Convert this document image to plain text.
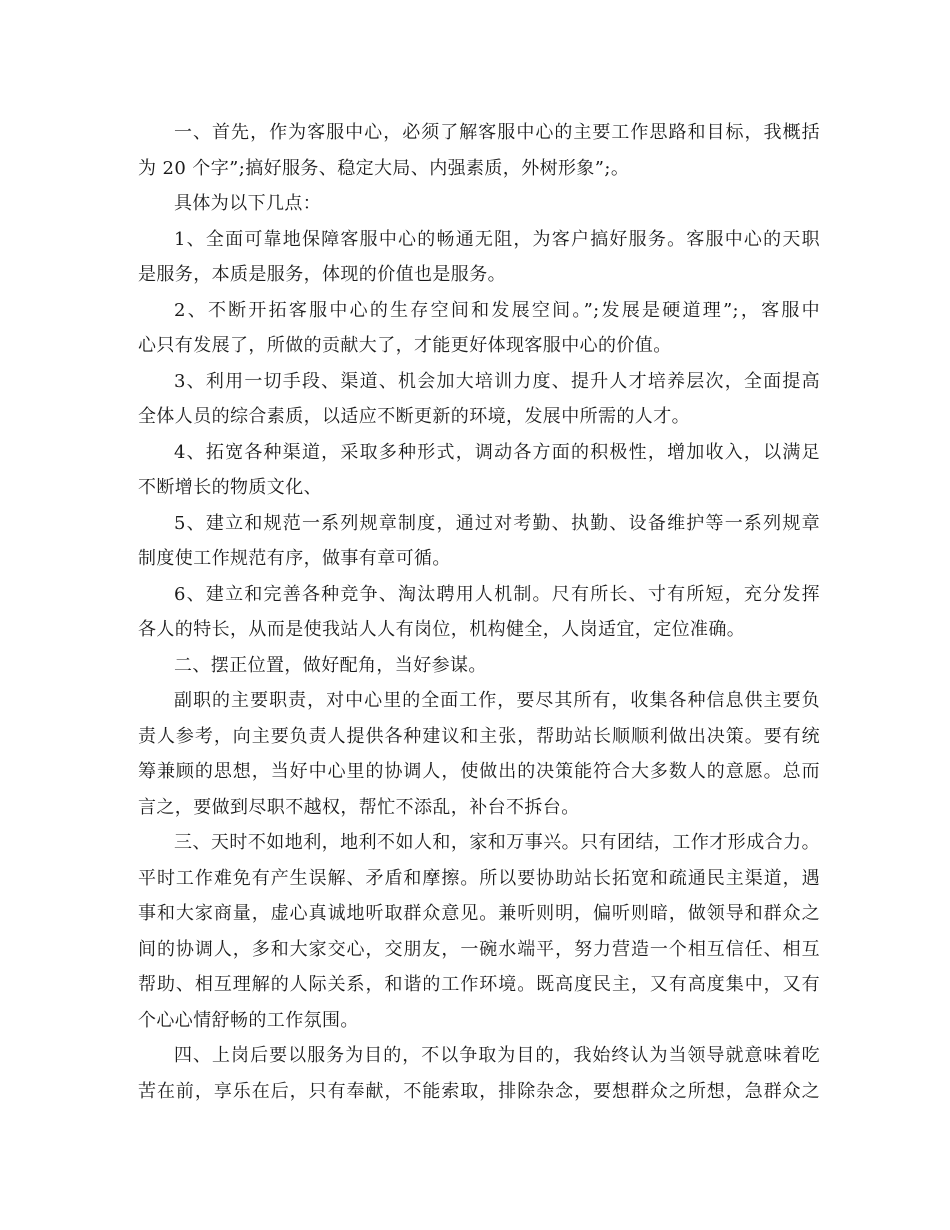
一、首先，作为客服中心，必须了解客服中心的主要工作思路和目标，我概括
为 20 个字”;搞好服务、稳定大局、内强素质，外树形象”;。
具体为以下几点：
1、全面可靠地保障客服中心的畅通无阻，为客户搞好服务。客服中心的天职
是服务，本质是服务，体现的价值也是服务。
2、不断开拓客服中心的生存空间和发展空间。”;发展是硬道理”;，客服中
心只有发展了，所做的贡献大了，才能更好体现客服中心的价值。
3、利用一切手段、渠道、机会加大培训力度、提升人才培养层次，全面提高
全体人员的综合素质，以适应不断更新的环境，发展中所需的人才。
4、拓宽各种渠道，采取多种形式，调动各方面的积极性，增加收入，以满足
不断增长的物质文化、
5、建立和规范一系列规章制度，通过对考勤、执勤、设备维护等一系列规章
制度使工作规范有序，做事有章可循。
6、建立和完善各种竞争、淘汰聘用人机制。尺有所长、寸有所短，充分发挥
各人的特长，从而是使我站人人有岗位，机构健全，人岗适宜，定位准确。
二、摆正位置，做好配角，当好参谋。
副职的主要职责，对中心里的全面工作，要尽其所有，收集各种信息供主要负
责人参考，向主要负责人提供各种建议和主张，帮助站长顺顺利做出决策。要有统
筹兼顾的思想，当好中心里的协调人，使做出的决策能符合大多数人的意愿。总而
言之，要做到尽职不越权，帮忙不添乱，补台不拆台。
三、天时不如地利，地利不如人和，家和万事兴。只有团结，工作才形成合力。
平时工作难免有产生误解、矛盾和摩擦。所以要协助站长拓宽和疏通民主渠道，遇
事和大家商量，虚心真诚地听取群众意见。兼听则明，偏听则暗，做领导和群众之
间的协调人，多和大家交心，交朋友，一碗水端平，努力营造一个相互信任、相互
帮助、相互理解的人际关系，和谐的工作环境。既高度民主，又有高度集中，又有
个心心情舒畅的工作氛围。
四、上岗后要以服务为目的，不以争取为目的，我始终认为当领导就意味着吃
苦在前，享乐在后，只有奉献，不能索取，排除杂念，要想群众之所想，急群众之
